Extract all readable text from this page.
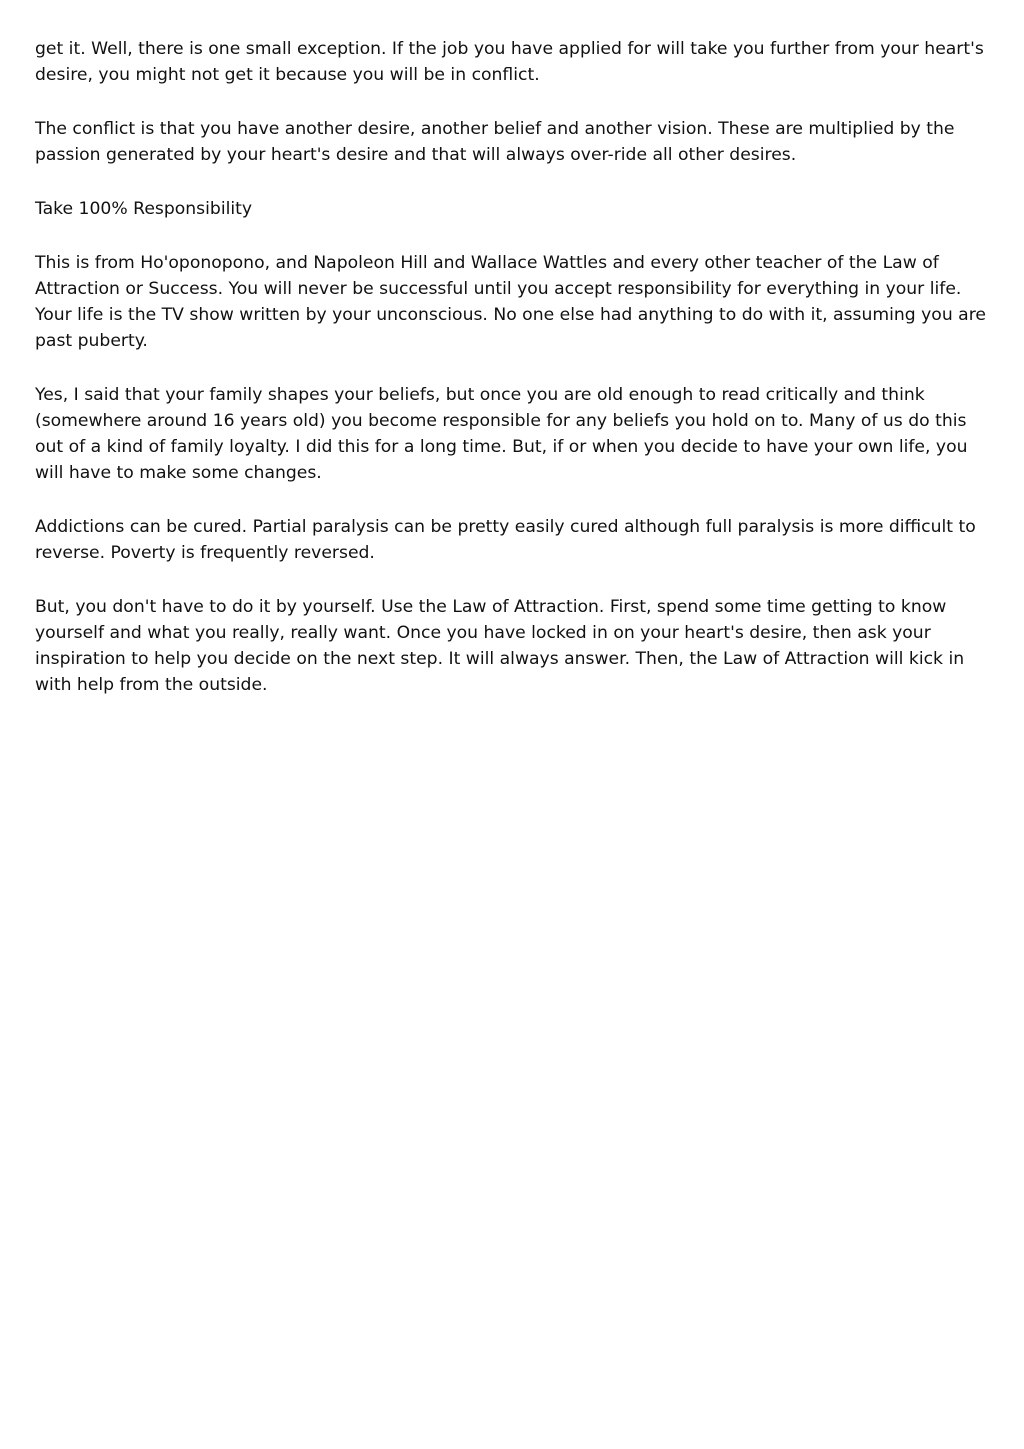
get it. Well, there is one small exception. If the job you have applied for will take you further from your heart's desire, you might not get it because you will be in conflict.

The conflict is that you have another desire, another belief and another vision. These are multiplied by the passion generated by your heart's desire and that will always over-ride all other desires.

Take 100% Responsibility

This is from Ho'oponopono, and Napoleon Hill and Wallace Wattles and every other teacher of the Law of Attraction or Success. You will never be successful until you accept responsibility for everything in your life. Your life is the TV show written by your unconscious. No one else had anything to do with it, assuming you are past puberty.

Yes, I said that your family shapes your beliefs, but once you are old enough to read critically and think (somewhere around 16 years old) you become responsible for any beliefs you hold on to. Many of us do this out of a kind of family loyalty. I did this for a long time. But, if or when you decide to have your own life, you will have to make some changes.

Addictions can be cured. Partial paralysis can be pretty easily cured although full paralysis is more difficult to reverse. Poverty is frequently reversed.

But, you don't have to do it by yourself. Use the Law of Attraction. First, spend some time getting to know yourself and what you really, really want. Once you have locked in on your heart's desire, then ask your inspiration to help you decide on the next step. It will always answer. Then, the Law of Attraction will kick in with help from the outside.
